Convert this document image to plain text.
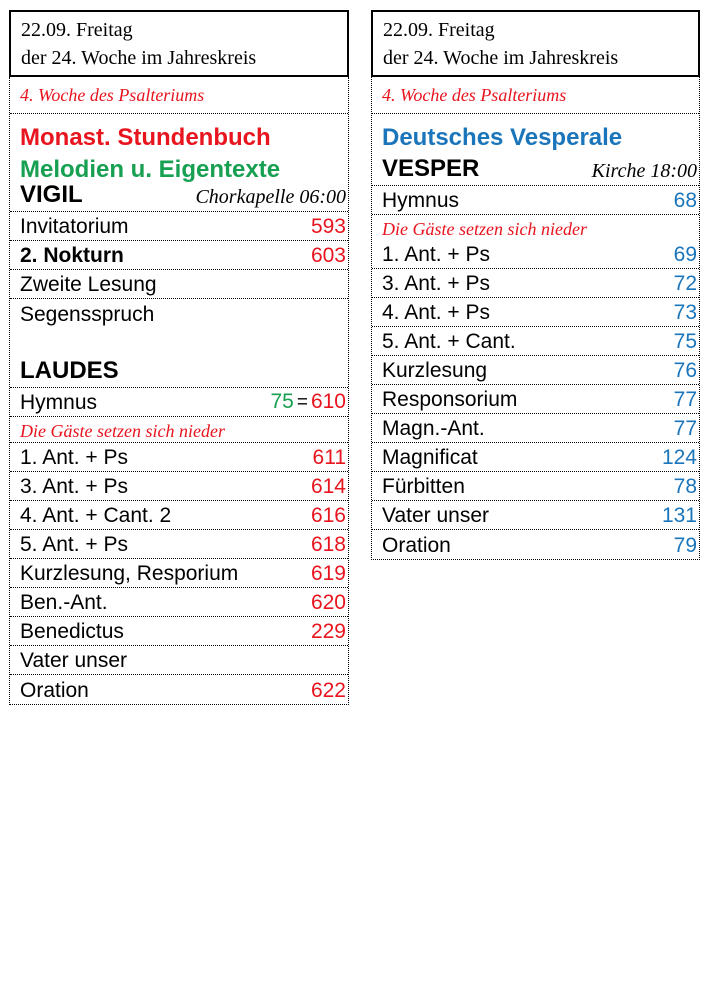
22.09. Freitag
der 24. Woche im Jahreskreis
4. Woche des Psalteriums
Monast. Stundenbuch
Melodien u. Eigentexte
VIGIL	Chorkapelle 06:00
Invitatorium	593
2. Nokturn	603
Zweite Lesung
Segensspruch
LAUDES
Hymnus	75 = 610
Die Gäste setzen sich nieder
1. Ant. + Ps	611
3. Ant. + Ps	614
4. Ant. + Cant. 2	616
5. Ant. + Ps	618
Kurzlesung, Resporium	619
Ben.-Ant.	620
Benedictus	229
Vater unser
Oration	622
22.09. Freitag
der 24. Woche im Jahreskreis
4. Woche des Psalteriums
Deutsches Vesperale
VESPER	Kirche 18:00
Hymnus	68
Die Gäste setzen sich nieder
1. Ant. + Ps	69
3. Ant. + Ps	72
4. Ant. + Ps	73
5. Ant. + Cant.	75
Kurzlesung	76
Responsorium	77
Magn.-Ant.	77
Magnificat	124
Fürbitten	78
Vater unser	131
Oration	79
